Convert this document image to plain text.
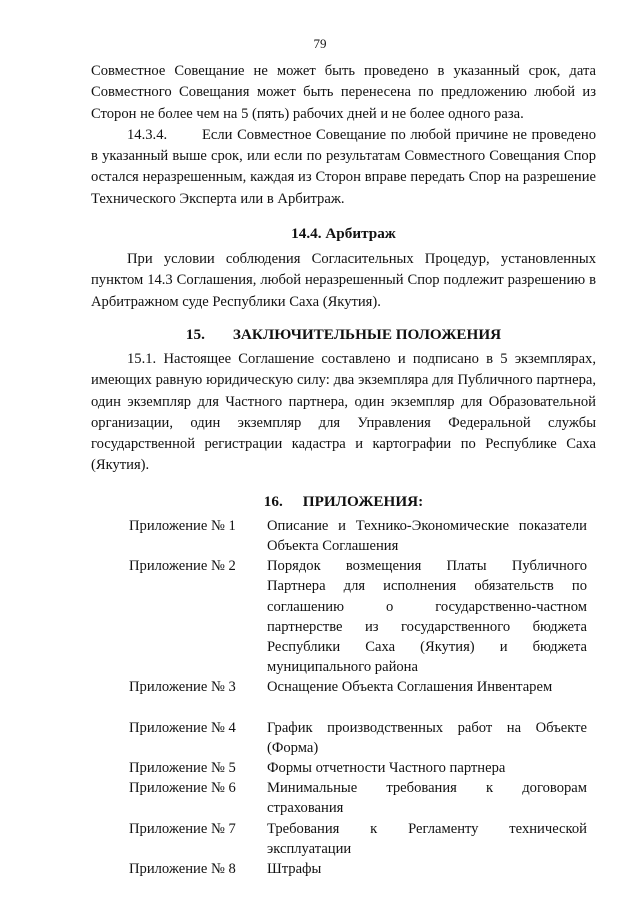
79

Совместное Совещание не может быть проведено в указанный срок, дата Совместного Совещания может быть перенесена по предложению любой из Сторон не более чем на 5 (пять) рабочих дней и не более одного раза.

14.3.4. Если Совместное Совещание по любой причине не проведено в указанный выше срок, или если по результатам Совместного Совещания Спор остался неразрешенным, каждая из Сторон вправе передать Спор на разрешение Технического Эксперта или в Арбитраж.

14.4. Арбитраж

При условии соблюдения Согласительных Процедур, установленных пунктом 14.3 Соглашения, любой неразрешенный Спор подлежит разрешению в Арбитражном суде Республики Саха (Якутия).

15. ЗАКЛЮЧИТЕЛЬНЫЕ ПОЛОЖЕНИЯ

15.1. Настоящее Соглашение составлено и подписано в 5 экземплярах, имеющих равную юридическую силу: два экземпляра для Публичного партнера, один экземпляр для Частного партнера, один экземпляр для Образовательной организации, один экземпляр для Управления Федеральной службы государственной регистрации кадастра и картографии по Республике Саха (Якутия).

16. ПРИЛОЖЕНИЯ:
Приложение № 1	Описание и Технико-Экономические показатели
Объекта Соглашения
Приложение № 2	Порядок возмещения Платы Публичного
Партнера для исполнения обязательств по
соглашению о государственно-частном
партнерстве из государственного бюджета
Республики Саха (Якутия) и бюджета
муниципального района
Приложение № 3	Оснащение Объекта Соглашения Инвентарем
Приложение № 4	График производственных работ на Объекте
(Форма)
Приложение № 5	Формы отчетности Частного партнера
Приложение № 6	Минимальные требования к договорам
страхования
Приложение № 7	Требования к Регламенту технической
эксплуатации
Приложение № 8	Штрафы
